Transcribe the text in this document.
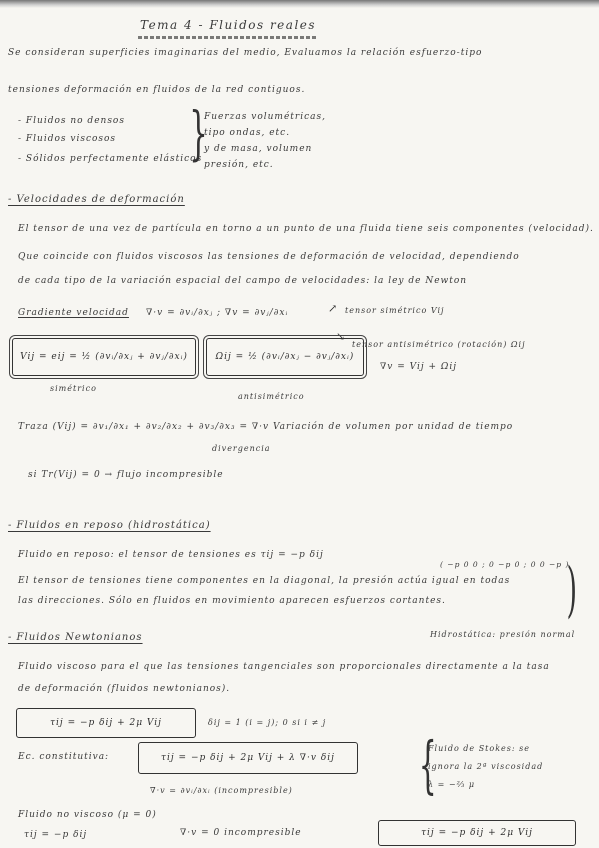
Tema 4 - Fluidos reales
Se consideran superficies imaginarias del medio, Evaluamos la relación esfuerzo-tipo
tensiones deformación en fluidos de la red contiguos.
- Fluidos no densos
- Fluidos viscosos
- Sólidos perfectamente elásticos
}
Fuerzas volumétricas,
tipo ondas, etc.
y de masa, volumen
presión, etc.
- Velocidades de deformación
El tensor de una vez de partícula en torno a un punto de una fluida tiene seis componentes (velocidad).
Que coincide con fluidos viscosos las tensiones de deformación de velocidad, dependiendo
de cada tipo de la variación espacial del campo de velocidades: la ley de Newton
Gradiente velocidad ∇·v = ∂vᵢ/∂xⱼ ; ∇v = ∂vⱼ/∂xᵢ	↗ tensor simétrico Vij
↘
tensor antisimétrico (rotación) Ωij
Vij = eij = ½ (∂vᵢ/∂xⱼ + ∂vⱼ/∂xᵢ)
simétrico
Ωij = ½ (∂vᵢ/∂xⱼ − ∂vⱼ/∂xᵢ)
antisimétrico
∇v = Vij + Ωij
Traza (Vij) = ∂v₁/∂x₁ + ∂v₂/∂x₂ + ∂v₃/∂x₃ = ∇·v Variación de volumen por unidad de tiempo
divergencia
si Tr(Vij) = 0 → flujo incompresible
- Fluidos en reposo (hidrostática)
Fluido en reposo: el tensor de tensiones es τij = −p δij
El tensor de tensiones tiene componentes en la diagonal, la presión actúa igual en todas
las direcciones. Sólo en fluidos en movimiento aparecen esfuerzos cortantes.
( −p 0 0 ; 0 −p 0 ; 0 0 −p )
)
Hidrostática: presión normal
- Fluidos Newtonianos
Fluido viscoso para el que las tensiones tangenciales son proporcionales directamente a la tasa
de deformación (fluidos newtonianos).
τij = −p δij + 2μ Vij	δij = 1 (i = j); 0 si i ≠ j
Ec. constitutiva:	τij = −p δij + 2μ Vij + λ ∇·v δij
∇·v = ∂vᵢ/∂xᵢ (incompresible) {
Fluido de Stokes: se
ignora la 2ª viscosidad
λ = −⅔ μ
Fluido no viscoso (μ = 0)
τij = −p δij	∇·v = 0 incompresible	τij = −p δij + 2μ Vij
